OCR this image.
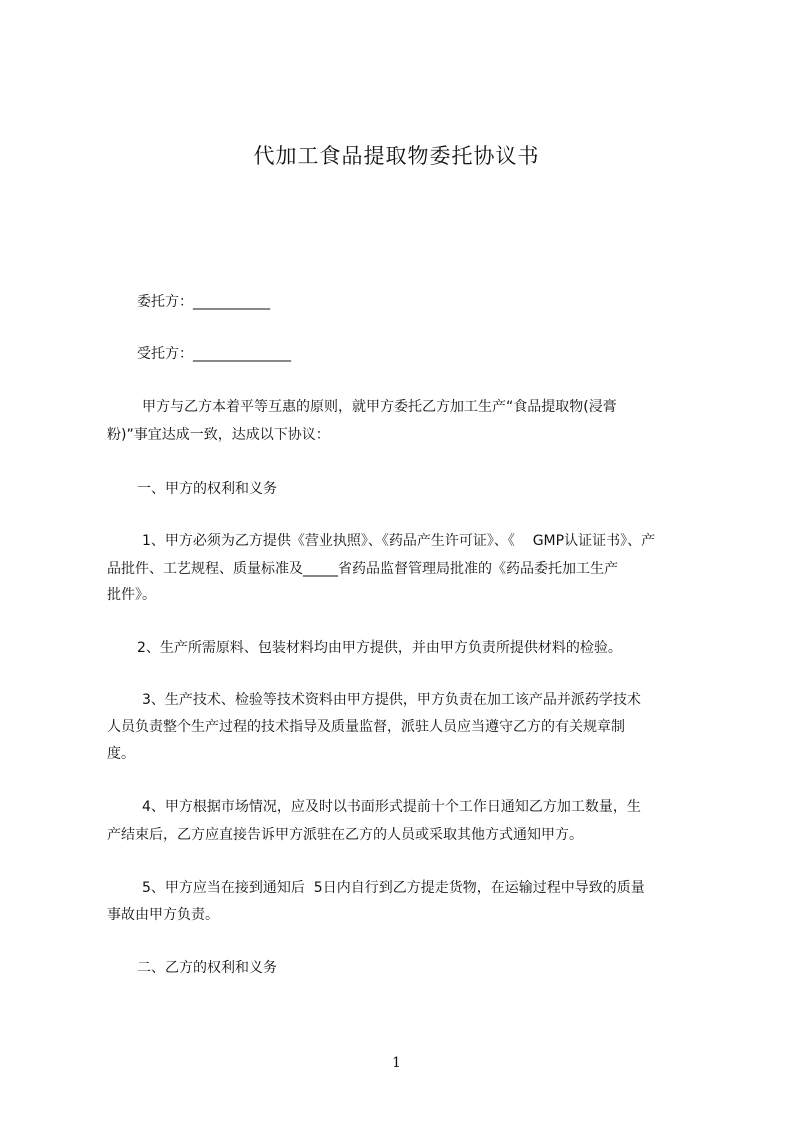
代加工食品提取物委托协议书
委托方：___________
受托方：______________
甲方与乙方本着平等互惠的原则，就甲方委托乙方加工生产“食品提取物(浸膏
粉)”事宜达成一致，达成以下协议：
一、甲方的权利和义务
1、甲方必须为乙方提供《营业执照》、《药品产生许可证》、《    GMP认证证书》、产
品批件、工艺规程、质量标准及_____省药品监督管理局批准的《药品委托加工生产
批件》。
2、生产所需原料、包装材料均由甲方提供，并由甲方负责所提供材料的检验。
3、生产技术、检验等技术资料由甲方提供，甲方负责在加工该产品并派药学技术
人员负责整个生产过程的技术指导及质量监督，派驻人员应当遵守乙方的有关规章制
度。
4、甲方根据市场情况，应及时以书面形式提前十个工作日通知乙方加工数量，生
产结束后，乙方应直接告诉甲方派驻在乙方的人员或采取其他方式通知甲方。
5、甲方应当在接到通知后  5日内自行到乙方提走货物，在运输过程中导致的质量
事故由甲方负责。
二、乙方的权利和义务
1
